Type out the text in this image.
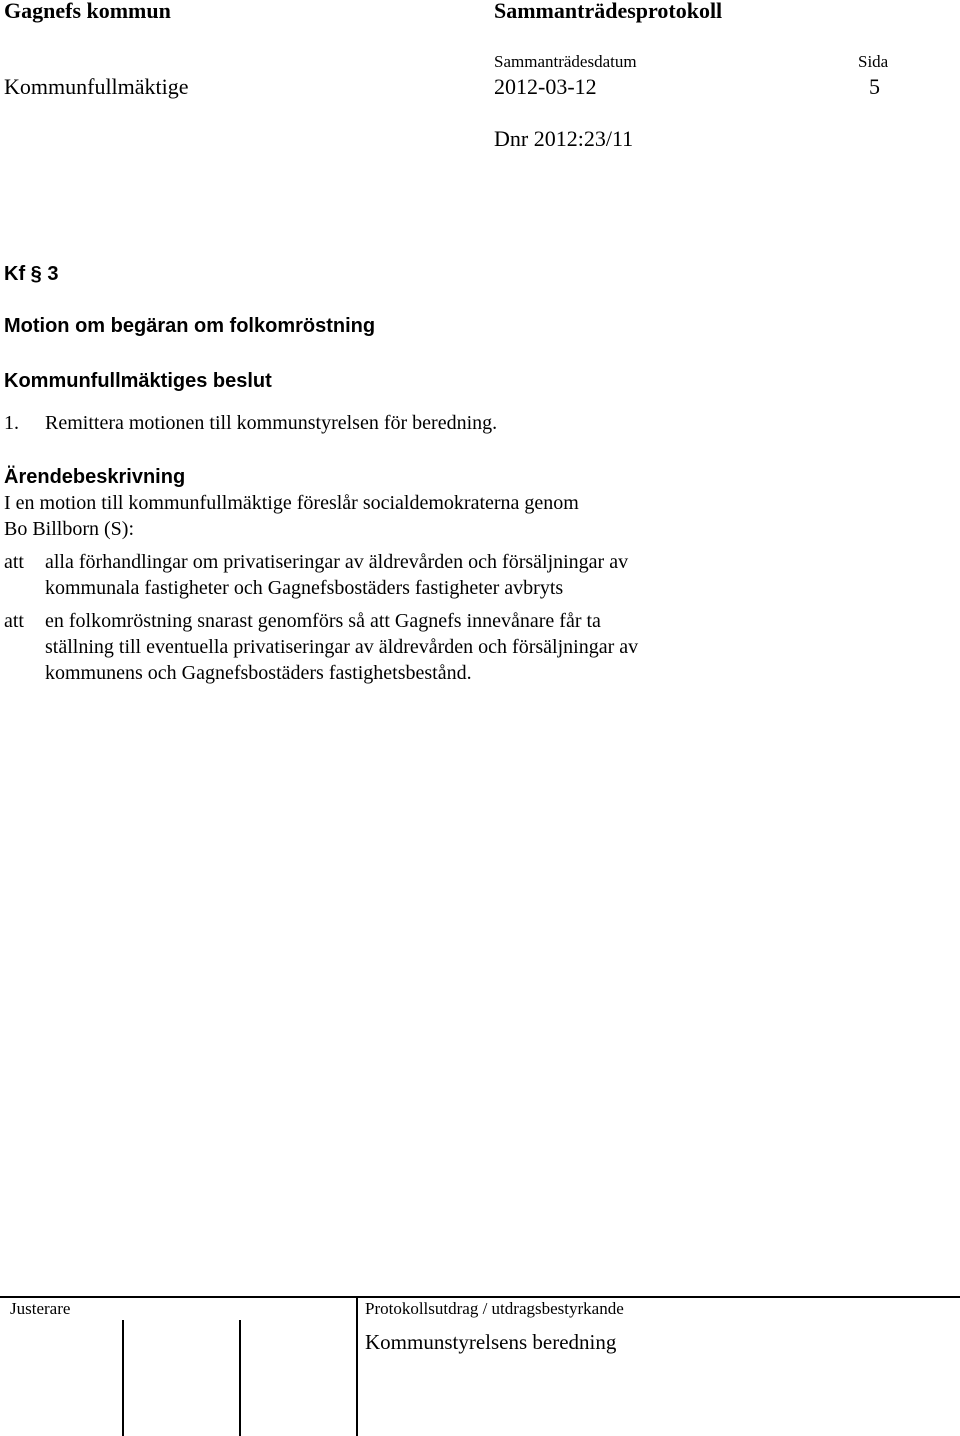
Gagnefs kommun	Sammanträdesprotokoll
Sammanträdesdatum	Sida
Kommunfullmäktige	2012-03-12	5
Dnr 2012:23/11
Kf § 3
Motion om begäran om folkomröstning
Kommunfullmäktiges beslut
1. Remittera motionen till kommunstyrelsen för beredning.
Ärendebeskrivning
I en motion till kommunfullmäktige föreslår socialdemokraterna genom
Bo Billborn (S):
att alla förhandlingar om privatiseringar av äldrevården och försäljningar av
kommunala fastigheter och Gagnefsbostäders fastigheter avbryts
att en folkomröstning snarast genomförs så att Gagnefs innevånare får ta
ställning till eventuella privatiseringar av äldrevården och försäljningar av
kommunens och Gagnefsbostäders fastighetsbestånd.
Justerare	Protokollsutdrag / utdragsbestyrkande
Kommunstyrelsens beredning
